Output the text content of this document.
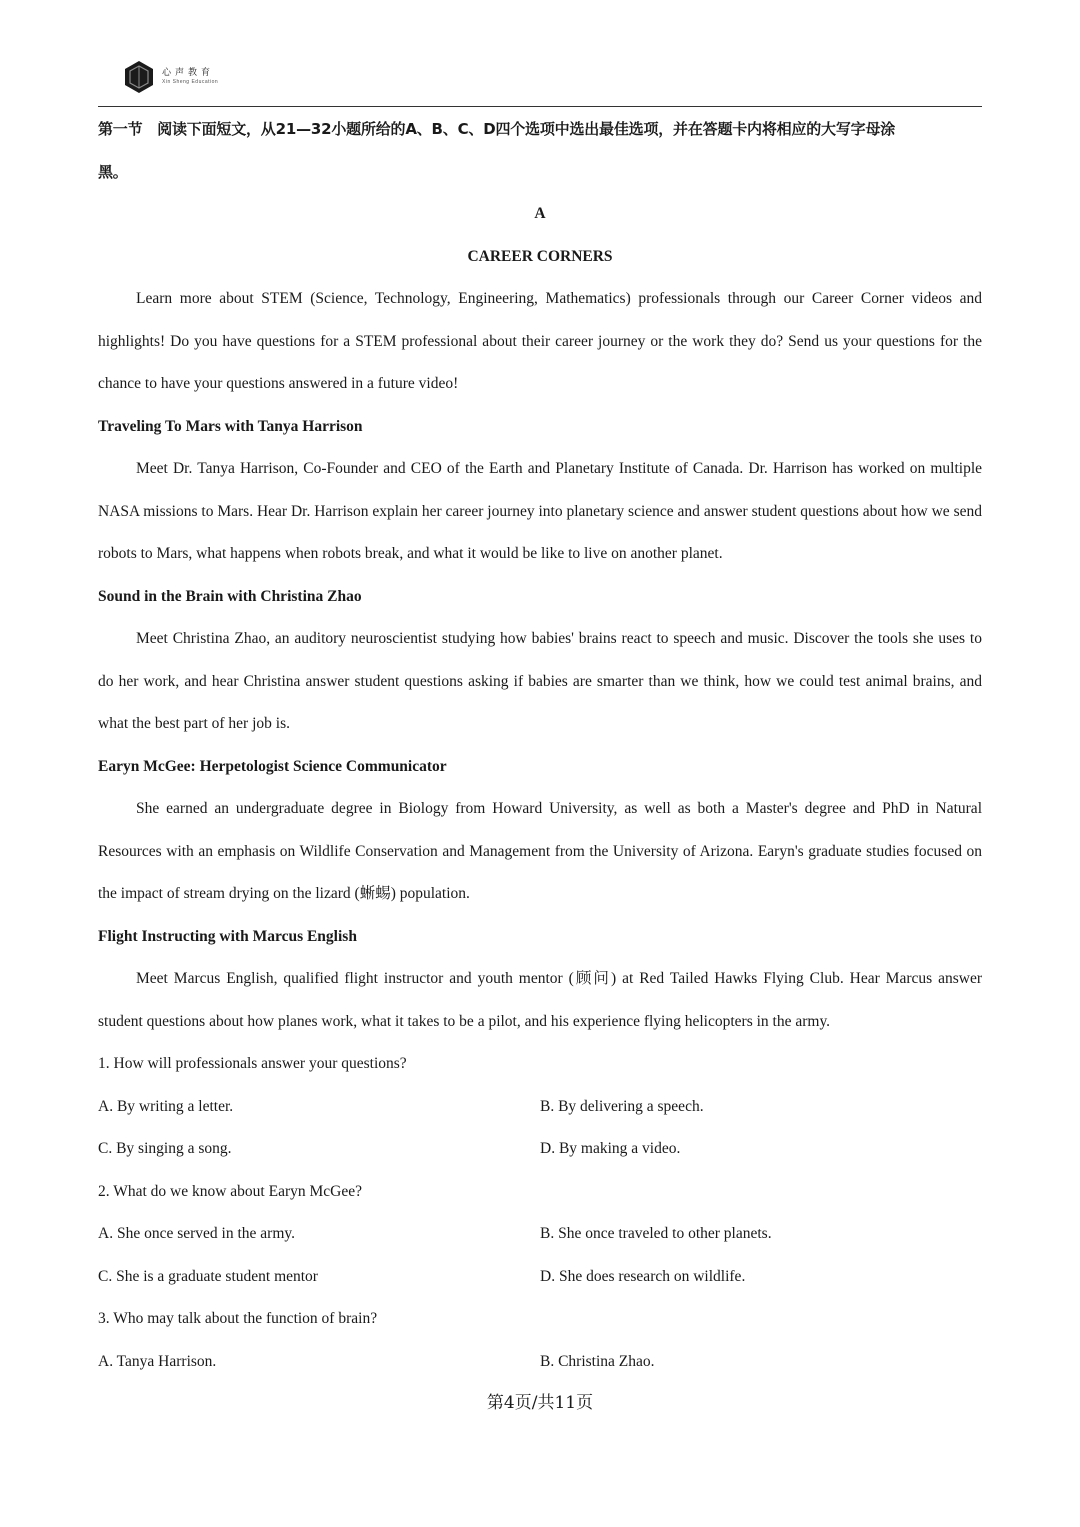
心声教育
Xin Sheng Education
第一节　阅读下面短文，从21—32小题所给的A、B、C、D四个选项中选出最佳选项，并在答题卡内将相应的大写字母涂
黑。
A
CAREER CORNERS
Learn more about STEM (Science, Technology, Engineering, Mathematics) professionals through our Career Corner videos and highlights! Do you have questions for a STEM professional about their career journey or the work they do? Send us your questions for the chance to have your questions answered in a future video!
Traveling To Mars with Tanya Harrison
Meet Dr. Tanya Harrison, Co-Founder and CEO of the Earth and Planetary Institute of Canada. Dr. Harrison has worked on multiple NASA missions to Mars. Hear Dr. Harrison explain her career journey into planetary science and answer student questions about how we send robots to Mars, what happens when robots break, and what it would be like to live on another planet.
Sound in the Brain with Christina Zhao
Meet Christina Zhao, an auditory neuroscientist studying how babies' brains react to speech and music. Discover the tools she uses to do her work, and hear Christina answer student questions asking if babies are smarter than we think, how we could test animal brains, and what the best part of her job is.
Earyn McGee: Herpetologist Science Communicator
She earned an undergraduate degree in Biology from Howard University, as well as both a Master's degree and PhD in Natural Resources with an emphasis on Wildlife Conservation and Management from the University of Arizona. Earyn's graduate studies focused on the impact of stream drying on the lizard (蜥蜴) population.
Flight Instructing with Marcus English
Meet Marcus English, qualified flight instructor and youth mentor (顾问) at Red Tailed Hawks Flying Club. Hear Marcus answer student questions about how planes work, what it takes to be a pilot, and his experience flying helicopters in the army.
1. How will professionals answer your questions?
A. By writing a letter.	B. By delivering a speech.
C. By singing a song.	D. By making a video.
2. What do we know about Earyn McGee?
A. She once served in the army.	B. She once traveled to other planets.
C. She is a graduate student mentor	D. She does research on wildlife.
3. Who may talk about the function of brain?
A. Tanya Harrison.	B. Christina Zhao.
第4页/共11页
